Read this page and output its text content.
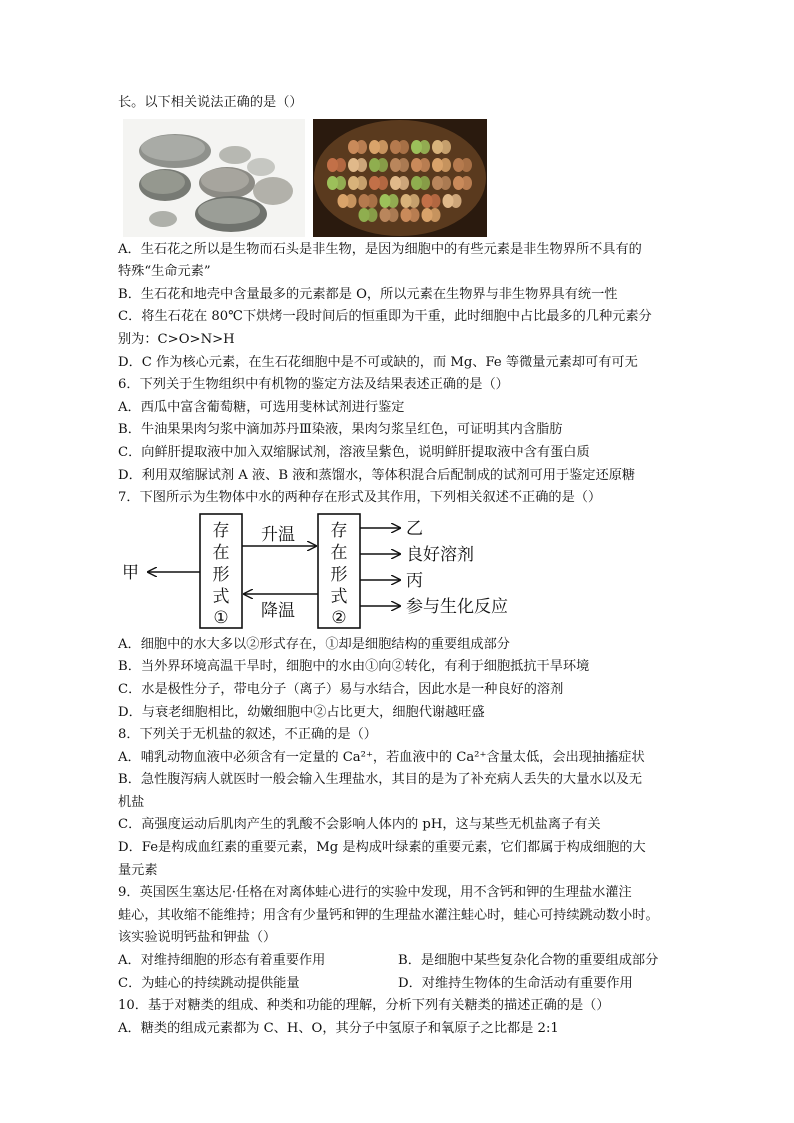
长。以下相关说法正确的是（）
A．生石花之所以是生物而石头是非生物，是因为细胞中的有些元素是非生物界所不具有的
特殊“生命元素”
B．生石花和地壳中含量最多的元素都是 O，所以元素在生物界与非生物界具有统一性
C．将生石花在 80℃下烘烤一段时间后的恒重即为干重，此时细胞中占比最多的几种元素分
别为：C>O>N>H
D．C 作为核心元素，在生石花细胞中是不可或缺的，而 Mg、Fe 等微量元素却可有可无
6．下列关于生物组织中有机物的鉴定方法及结果表述正确的是（）
A．西瓜中富含葡萄糖，可选用斐林试剂进行鉴定
B．牛油果果肉匀浆中滴加苏丹Ⅲ染液，果肉匀浆呈红色，可证明其内含脂肪
C．向鲜肝提取液中加入双缩脲试剂，溶液呈紫色，说明鲜肝提取液中含有蛋白质
D．利用双缩脲试剂 A 液、B 液和蒸馏水，等体积混合后配制成的试剂可用于鉴定还原糖
7．下图所示为生物体中水的两种存在形式及其作用，下列相关叙述不正确的是（）
存
在
形
式
①
存
在
形
式
②
升温
降温
甲
乙
良好溶剂
丙
参与生化反应
A．细胞中的水大多以②形式存在，①却是细胞结构的重要组成部分
B．当外界环境高温干旱时，细胞中的水由①向②转化，有利于细胞抵抗干旱环境
C．水是极性分子，带电分子（离子）易与水结合，因此水是一种良好的溶剂
D．与衰老细胞相比，幼嫩细胞中②占比更大，细胞代谢越旺盛
8．下列关于无机盐的叙述，不正确的是（）
A．哺乳动物血液中必须含有一定量的 Ca²⁺，若血液中的 Ca²⁺含量太低，会出现抽搐症状
B．急性腹泻病人就医时一般会输入生理盐水，其目的是为了补充病人丢失的大量水以及无
机盐
C．高强度运动后肌肉产生的乳酸不会影响人体内的 pH，这与某些无机盐离子有关
D．Fe是构成血红素的重要元素，Mg 是构成叶绿素的重要元素，它们都属于构成细胞的大
量元素
9．英国医生塞达尼·任格在对离体蛙心进行的实验中发现，用不含钙和钾的生理盐水灌注
蛙心，其收缩不能维持；用含有少量钙和钾的生理盐水灌注蛙心时，蛙心可持续跳动数小时。
该实验说明钙盐和钾盐（）
A．对维持细胞的形态有着重要作用	B．是细胞中某些复杂化合物的重要组成部分
C．为蛙心的持续跳动提供能量	D．对维持生物体的生命活动有重要作用
10．基于对糖类的组成、种类和功能的理解，分析下列有关糖类的描述正确的是（）
A．糖类的组成元素都为 C、H、O，其分子中氢原子和氧原子之比都是 2:1
